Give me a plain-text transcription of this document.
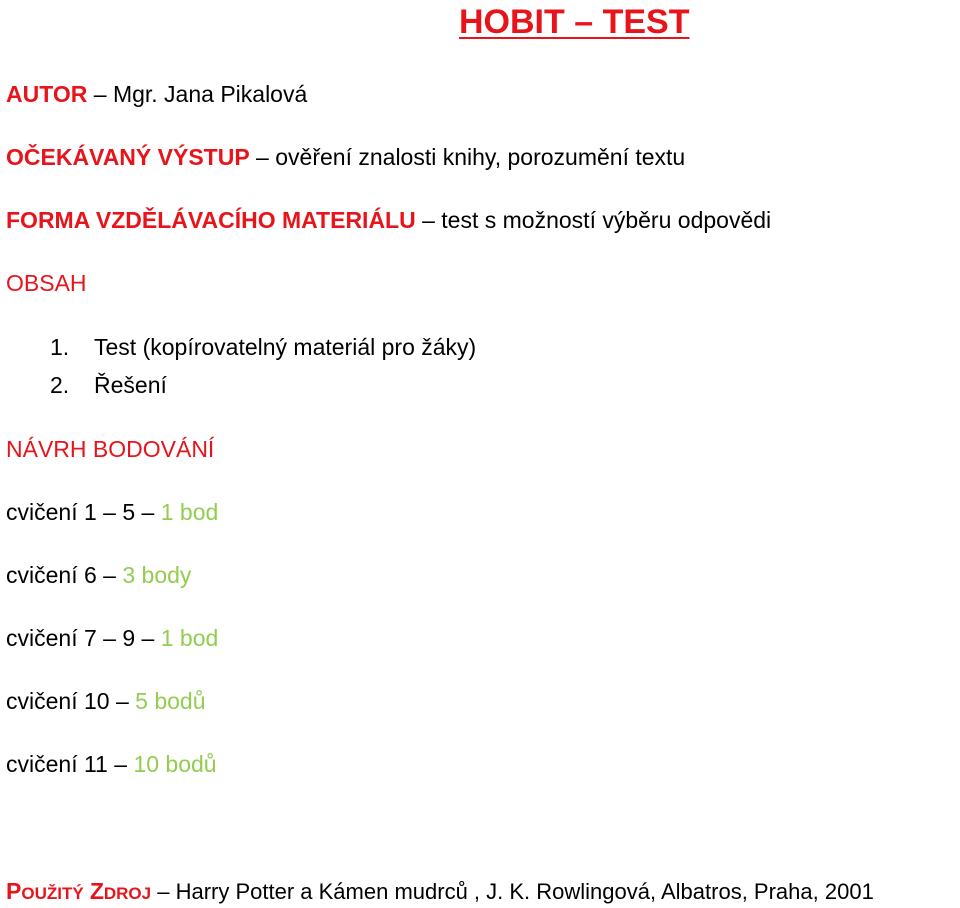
HOBIT – TEST
AUTOR – Mgr. Jana Pikalová
OČEKÁVANÝ VÝSTUP – ověření znalosti knihy, porozumění textu
FORMA VZDĚLÁVACÍHO MATERIÁLU – test s možností výběru odpovědi
OBSAH
1. Test (kopírovatelný materiál pro žáky)
2. Řešení
NÁVRH BODOVÁNÍ
cvičení 1 – 5 – 1 bod
cvičení 6 – 3 body
cvičení 7 – 9 – 1 bod
cvičení 10 – 5 bodů
cvičení 11 – 10 bodů
POUŽITÝ ZDROJ – Harry Potter a Kámen mudrců , J. K. Rowlingová, Albatros, Praha, 2001
